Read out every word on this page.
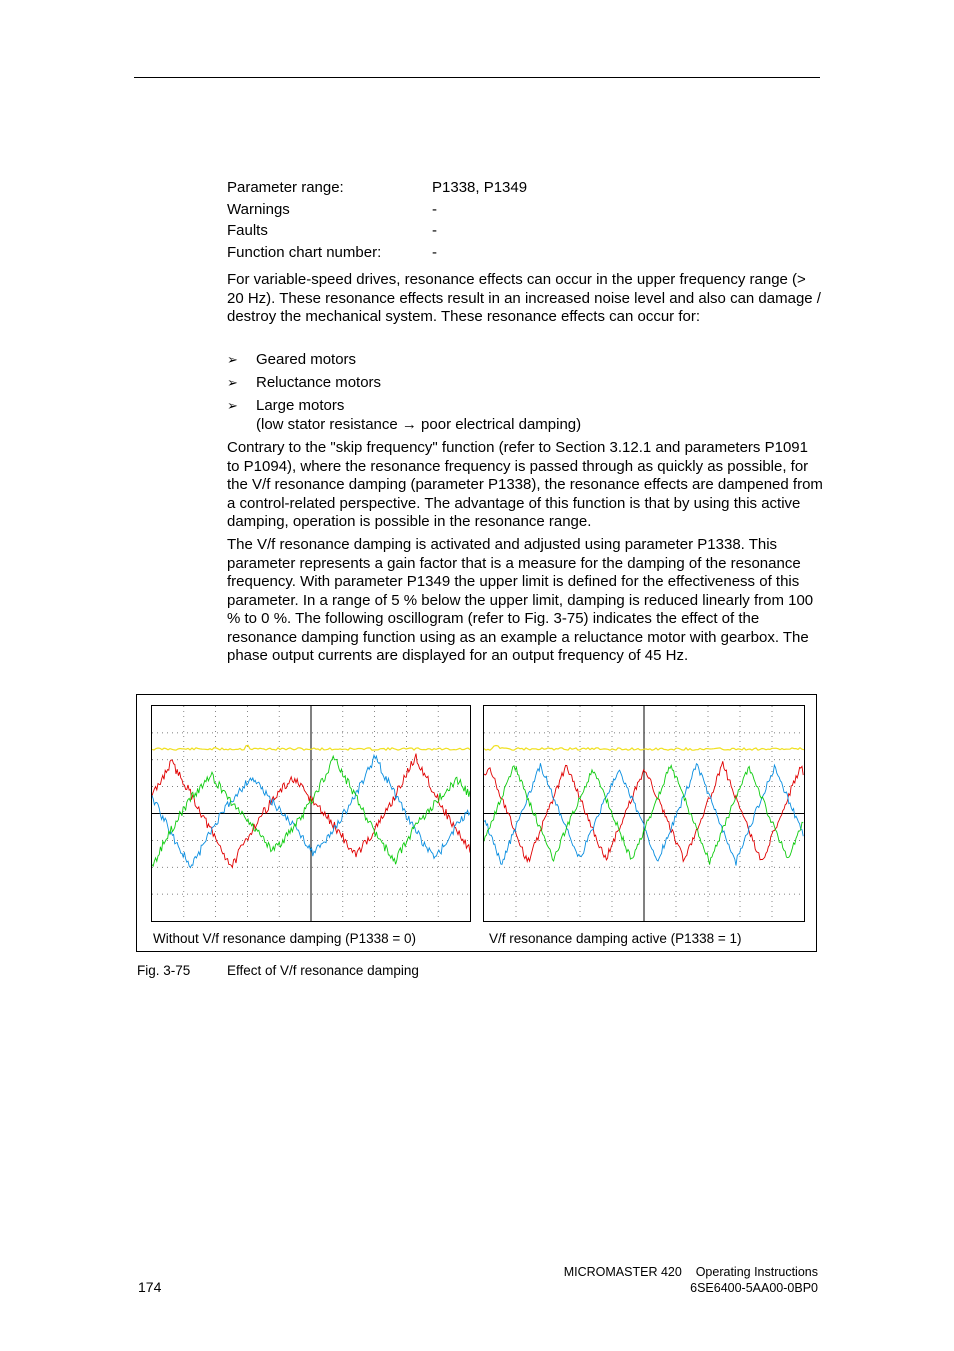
Parameter range:	P1338, P1349
Warnings	-
Faults	-
Function chart number:	-

For variable-speed drives, resonance effects can occur in the upper frequency range (> 20 Hz). These resonance effects result in an increased noise level and also can damage / destroy the mechanical system. These resonance effects can occur for:

➢ Geared motors
➢ Reluctance motors
➢ Large motors
(low stator resistance → poor electrical damping)

Contrary to the "skip frequency" function (refer to Section 3.12.1 and parameters P1091 to P1094), where the resonance frequency is passed through as quickly as possible, for the V/f resonance damping (parameter P1338), the resonance effects are dampened from a control-related perspective. The advantage of this function is that by using this active damping, operation is possible in the resonance range.

The V/f resonance damping is activated and adjusted using parameter P1338. This parameter represents a gain factor that is a measure for the damping of the resonance frequency. With parameter P1349 the upper limit is defined for the effectiveness of this parameter. In a range of 5 % below the upper limit, damping is reduced linearly from 100 % to 0 %. The following oscillogram (refer to Fig. 3-75) indicates the effect of the resonance damping function using as an example a reluctance motor with gearbox. The phase output currents are displayed for an output frequency of 45 Hz.

Without V/f resonance damping (P1338 = 0)	V/f resonance damping active (P1338 = 1)
Fig. 3-75	Effect of V/f resonance damping
MICROMASTER 420    Operating Instructions
6SE6400-5AA00-0BP0
174
